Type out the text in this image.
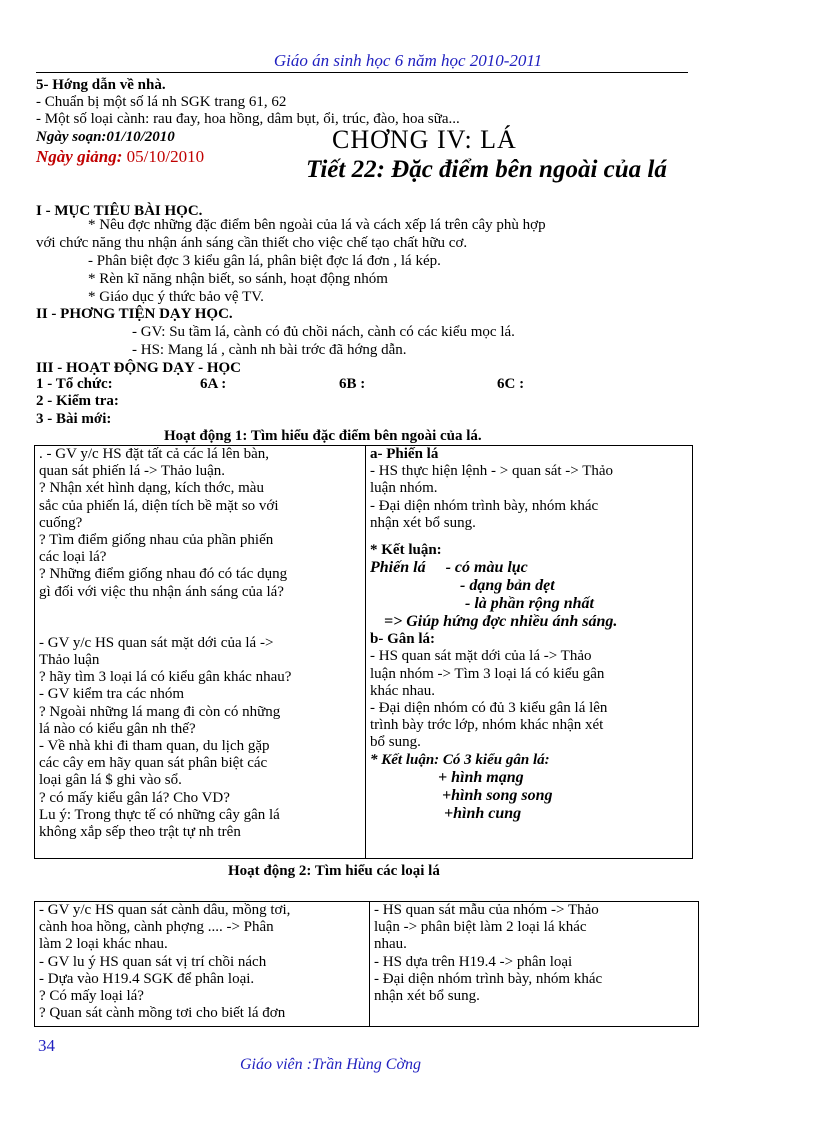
Giáo án sinh học 6 năm học 2010-2011
5- Hớng dẫn về nhà.
- Chuẩn bị một số lá nh SGK trang 61, 62
- Một số loại cành: rau đay, hoa hồng, dâm bụt, ổi, trúc, đào, hoa sữa...
Ngày soạn:01/10/2010
Ngày giảng: 05/10/2010
CHƠNG IV: LÁ
Tiết 22: Đặc điểm bên ngoài của lá
I - MỤC TIÊU BÀI HỌC.
* Nêu đợc những đặc điểm bên ngoài của lá và cách xếp lá trên cây phù hợp
với chức năng thu nhận ánh sáng cần thiết cho việc chế tạo chất hữu cơ.
- Phân biệt đợc 3 kiểu gân lá, phân biệt đợc lá đơn , lá kép.
* Rèn kĩ năng nhận biết, so sánh, hoạt động nhóm
* Giáo dục ý thức bảo vệ TV.
II - PHƠNG TIỆN DẠY HỌC.
- GV: Su tầm lá, cành có đủ chồi nách, cành có các kiểu mọc lá.
- HS: Mang lá , cành nh bài trớc đã hớng dẫn.
III - HOẠT ĐỘNG DẠY - HỌC
1 - Tổ chức:	6A :	6B :	6C :
2 - Kiểm tra:
3 - Bài mới:
Hoạt động 1: Tìm hiểu đặc điểm bên ngoài của lá.
. - GV y/c HS đặt tất cả các lá lên bàn,
quan sát phiến lá -> Thảo luận.
? Nhận xét hình dạng, kích thớc, màu
sắc của phiến lá, diện tích bề mặt so với
cuống?
? Tìm điểm giống nhau của phần phiến
các loại lá?
? Những điểm giống nhau đó có tác dụng
gì đối với việc thu nhận ánh sáng của lá?
- GV y/c HS quan sát mặt dới của lá ->
Thảo luận
? hãy tìm 3 loại lá có kiểu gân khác nhau?
- GV kiểm tra các nhóm
? Ngoài những lá mang đi còn có những
lá nào có kiểu gân nh thế?
- Về nhà khi đi tham quan, du lịch gặp
các cây em hãy quan sát phân biệt các
loại gân lá $ ghi vào sổ.
? có mấy kiểu gân lá? Cho VD?
Lu ý: Trong thực tế có những cây gân lá
không xắp sếp theo trật tự nh trên

a- Phiến lá
- HS thực hiện lệnh - > quan sát -> Thảo
luận nhóm.
- Đại diện nhóm trình bày, nhóm khác
nhận xét bổ sung.
* Kết luận:
Phiến lá - có màu lục
- dạng bản dẹt
- là phần rộng nhất
=> Giúp hứng đợc nhiều ánh sáng.
b- Gân lá:
- HS quan sát mặt dới của lá -> Thảo
luận nhóm -> Tìm 3 loại lá có kiểu gân
khác nhau.
- Đại diện nhóm có đủ 3 kiểu gân lá lên
trình bày trớc lớp, nhóm khác nhận xét
bổ sung.
* Kết luận: Có 3 kiểu gân lá:
+ hình mạng
+hình song song
+hình cung
Hoạt động 2: Tìm hiểu các loại lá
- GV y/c HS quan sát cành dâu, mồng tơi,
cành hoa hồng, cành phợng .... -> Phân
làm 2 loại khác nhau.
- GV lu ý HS quan sát vị trí chồi nách
- Dựa vào H19.4 SGK để phân loại.
? Có mấy loại lá?
? Quan sát cành mồng tơi cho biết lá đơn

- HS quan sát mẫu của nhóm -> Thảo
luận -> phân biệt làm 2 loại lá khác
nhau.
- HS dựa trên H19.4 -> phân loại
- Đại diện nhóm trình bày, nhóm khác
nhận xét bổ sung.
34
Giáo viên :Trần Hùng Cờng
